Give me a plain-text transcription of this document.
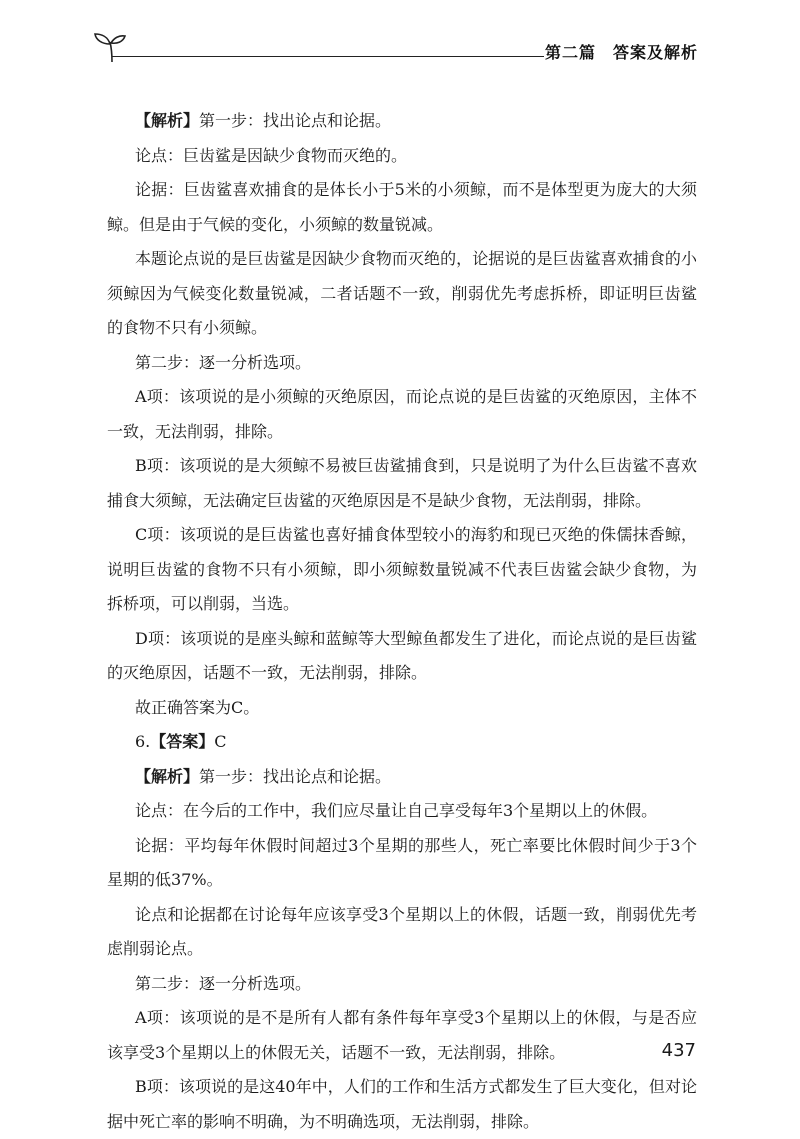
第二篇　答案及解析

【解析】第一步：找出论点和论据。

论点：巨齿鲨是因缺少食物而灭绝的。

论据：巨齿鲨喜欢捕食的是体长小于5米的小须鲸，而不是体型更为庞大的大须鲸。但是由于气候的变化，小须鲸的数量锐减。

本题论点说的是巨齿鲨是因缺少食物而灭绝的，论据说的是巨齿鲨喜欢捕食的小须鲸因为气候变化数量锐减，二者话题不一致，削弱优先考虑拆桥，即证明巨齿鲨的食物不只有小须鲸。

第二步：逐一分析选项。

A项：该项说的是小须鲸的灭绝原因，而论点说的是巨齿鲨的灭绝原因，主体不一致，无法削弱，排除。

B项：该项说的是大须鲸不易被巨齿鲨捕食到，只是说明了为什么巨齿鲨不喜欢捕食大须鲸，无法确定巨齿鲨的灭绝原因是不是缺少食物，无法削弱，排除。

C项：该项说的是巨齿鲨也喜好捕食体型较小的海豹和现已灭绝的侏儒抹香鲸，说明巨齿鲨的食物不只有小须鲸，即小须鲸数量锐减不代表巨齿鲨会缺少食物，为拆桥项，可以削弱，当选。

D项：该项说的是座头鲸和蓝鲸等大型鲸鱼都发生了进化，而论点说的是巨齿鲨的灭绝原因，话题不一致，无法削弱，排除。

故正确答案为C。

6.【答案】C

【解析】第一步：找出论点和论据。

论点：在今后的工作中，我们应尽量让自己享受每年3个星期以上的休假。

论据：平均每年休假时间超过3个星期的那些人，死亡率要比休假时间少于3个星期的低37%。

论点和论据都在讨论每年应该享受3个星期以上的休假，话题一致，削弱优先考虑削弱论点。

第二步：逐一分析选项。

A项：该项说的是不是所有人都有条件每年享受3个星期以上的休假，与是否应该享受3个星期以上的休假无关，话题不一致，无法削弱，排除。

B项：该项说的是这40年中，人们的工作和生活方式都发生了巨大变化，但对论据中死亡率的影响不明确，为不明确选项，无法削弱，排除。

437
